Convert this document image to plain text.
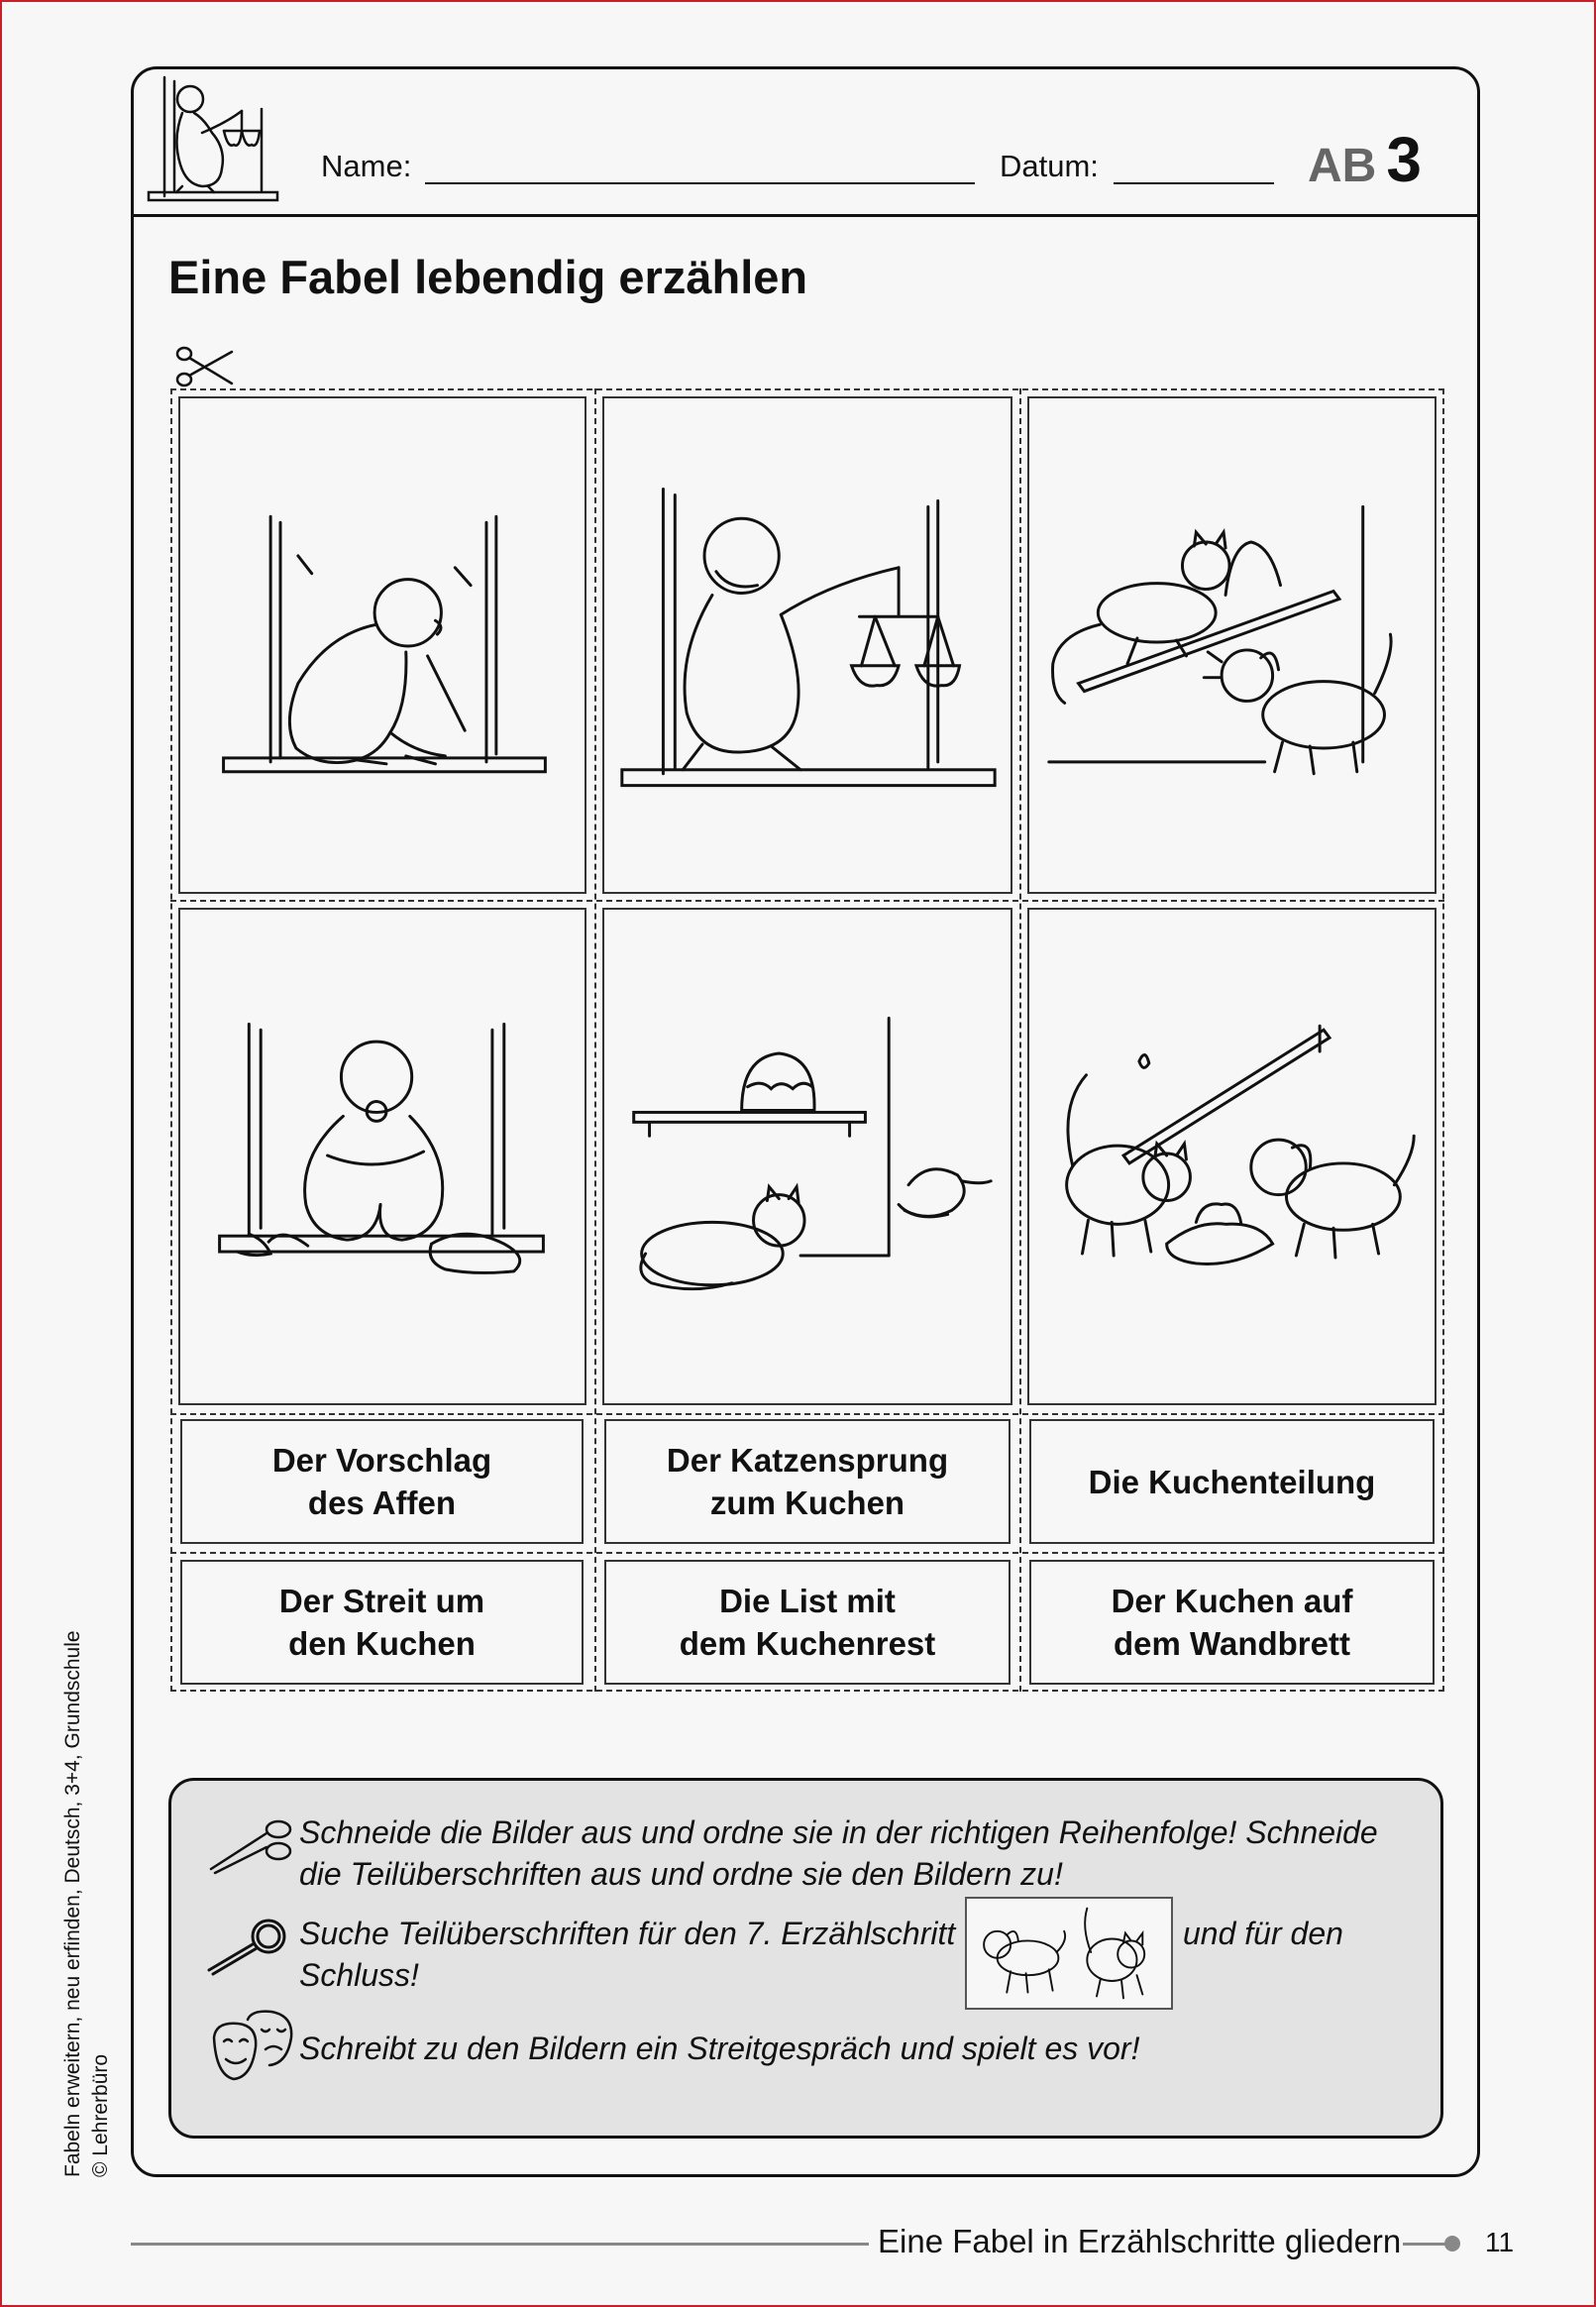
Name:	Datum:	AB 3
Eine Fabel lebendig erzählen
Der Vorschlag
des Affen
Der Katzensprung
zum Kuchen
Die Kuchenteilung
Der Streit um
den Kuchen
Die List mit
dem Kuchenrest
Der Kuchen auf
dem Wandbrett
Schneide die Bilder aus und ordne sie in der richtigen Reihenfolge! Schneide die Teilüberschriften aus und ordne sie den Bildern zu!
Suche Teilüberschriften für den 7. Erzählschritt	und für den
Schluss!
Schreibt zu den Bildern ein Streitgespräch und spielt es vor!
Fabeln erweitern, neu erfinden, Deutsch, 3+4, Grundschule © Lehrerbüro
Eine Fabel in Erzählschritte gliedern	11
